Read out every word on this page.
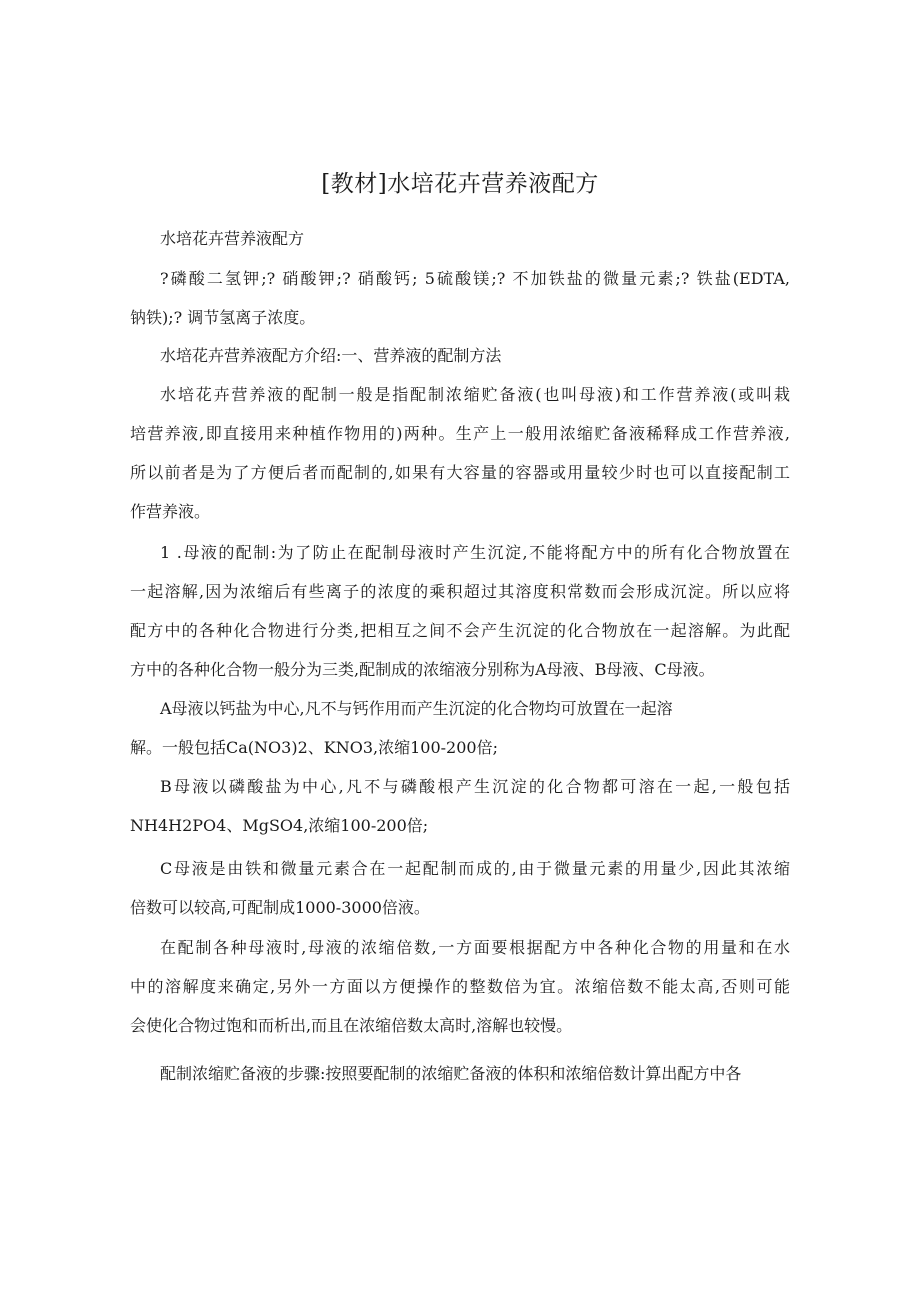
[教材]水培花卉营养液配方
水培花卉营养液配方
?磷酸二氢钾;? 硝酸钾;? 硝酸钙; 5硫酸镁;? 不加铁盐的微量元素;? 铁盐(EDTA,
钠铁);? 调节氢离子浓度。
水培花卉营养液配方介绍:一、营养液的配制方法
水培花卉营养液的配制一般是指配制浓缩贮备液(也叫母液)和工作营养液(或叫栽
培营养液,即直接用来种植作物用的)两种。生产上一般用浓缩贮备液稀释成工作营养液,
所以前者是为了方便后者而配制的,如果有大容量的容器或用量较少时也可以直接配制工
作营养液。
1 .母液的配制:为了防止在配制母液时产生沉淀,不能将配方中的所有化合物放置在
一起溶解,因为浓缩后有些离子的浓度的乘积超过其溶度积常数而会形成沉淀。所以应将
配方中的各种化合物进行分类,把相互之间不会产生沉淀的化合物放在一起溶解。为此配
方中的各种化合物一般分为三类,配制成的浓缩液分别称为A母液、B母液、C母液。
A母液以钙盐为中心,凡不与钙作用而产生沉淀的化合物均可放置在一起溶
解。一般包括Ca(NO3)2、KNO3,浓缩100-200倍;
B母液以磷酸盐为中心,凡不与磷酸根产生沉淀的化合物都可溶在一起,一般包括
NH4H2PO4、MgSO4,浓缩100-200倍;
C母液是由铁和微量元素合在一起配制而成的,由于微量元素的用量少,因此其浓缩
倍数可以较高,可配制成1000-3000倍液。
在配制各种母液时,母液的浓缩倍数,一方面要根据配方中各种化合物的用量和在水
中的溶解度来确定,另外一方面以方便操作的整数倍为宜。浓缩倍数不能太高,否则可能
会使化合物过饱和而析出,而且在浓缩倍数太高时,溶解也较慢。
配制浓缩贮备液的步骤:按照要配制的浓缩贮备液的体积和浓缩倍数计算出配方中各
